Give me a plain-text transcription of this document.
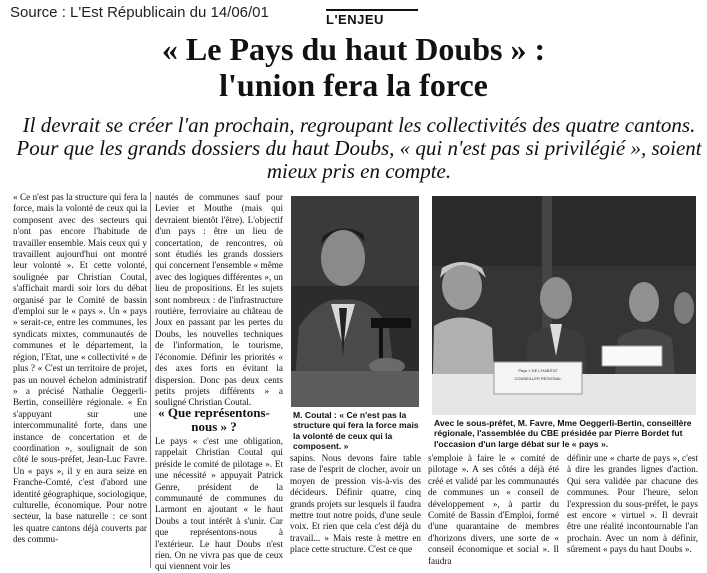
Source : L'Est Républicain du 14/06/01	L'ENJEU
« Le Pays du haut Doubs » :
l'union fera la force
Il devrait se créer l'an prochain, regroupant les collectivités des quatre cantons. Pour que les grands dossiers du haut Doubs, « qui n'est pas si privilégié », soient mieux pris en compte.

« Ce n'est pas la structure qui fera la force, mais la volonté de ceux qui la composent avec des secteurs qui n'ont pas encore l'habitude de travailler ensemble. Mais ceux qui y travaillent aujourd'hui ont montré leur volonté ». Et cette volonté, soulignée par Christian Coutal, s'affichait mardi soir lors du débat organisé par le Comité de bassin d'emploi sur le « pays ». Un « pays » serait-ce, entre les communes, les syndicats mixtes, communautés de communes et le département, la région, l'Etat, une « collectivité » de plus ? « C'est un territoire de projet, pas un nouvel échelon administratif » a précisé Nathalie Oeggerli-Bertin, conseillère régionale. « En s'appuyant sur une intercommunalité forte, dans une instance de concertation et de coordination », soulignait de son côté le sous-préfet, Jean-Luc Favre. Un « pays », il y en aura seize en Franche-Comté, c'est d'abord une identité géographique, sociologique, culturelle, économique. Pour notre secteur, la base naturelle : ce sont les quatre cantons déjà couverts par des commu-

nautés de communes sauf pour Levier et Mouthe (mais qui devraient bientôt l'être). L'objectif d'un pays : être un lieu de concertation, de rencontres, où sont étudiés les grands dossiers qui concernent l'ensemble « même avec des logiques différentes », un lieu de propositions. Et les sujets sont nombreux : de l'infrastructure routière, ferroviaire au château de Joux en passant par les pertes du Doubs, les nouvelles techniques de l'information, le tourisme, l'économie. Définir les priorités « des axes forts en évitant la dispersion. Donc pas deux cents petits projets différents » a souligné Christian Coutal.

« Que représentons-nous » ?

Le pays « c'est une obligation, rappelait Christian Coutal qui préside le comité de pilotage ». Et une nécessité » appuyait Patrick Genre, président de la communauté de communes du Larmont en ajoutant « le haut Doubs a tout intérêt à s'unir. Car que représentons-nous à l'extérieur. Le haut Doubs n'est rien. On ne vivra pas que de ceux qui viennent voir les

M. Coutal : « Ce n'est pas la structure qui fera la force mais la volonté de ceux qui la composent. »

sapins. Nous devons faire table rase de l'esprit de clocher, avoir un moyen de pression vis-à-vis des décideurs. Définir quatre, cinq grands projets sur lesquels il faudra mettre tout notre poids, d'une seule voix. Et rien que cela c'est déjà du travail... » Mais reste à mettre en place cette structure. C'est ce que

Pays « DE L'HABITAT
CONSEILLER RÉGIONAL
Avec le sous-préfet, M. Favre, Mme Oeggerli-Bertin, conseillère régionale, l'assemblée du CBE présidée par Pierre Bordet fut l'occasion d'un large débat sur le « pays ».

s'emploie à faire le « comité de pilotage ». A ses côtés a déjà été créé et validé par les communautés de communes un « conseil de développement », à partir du Comité de Bassin d'Emploi, formé d'une quarantaine de membres d'horizons divers, une sorte de « conseil économique et social ». Il faudra

définir une « charte de pays », c'est à dire les grandes lignes d'action. Qui sera validée par chacune des communes. Pour l'heure, selon l'expression du sous-préfet, le pays est encore « virtuel ». Il devrait être une réalité incontournable l'an prochain. Avec un nom à définir, sûrement « pays du haut Doubs ».
